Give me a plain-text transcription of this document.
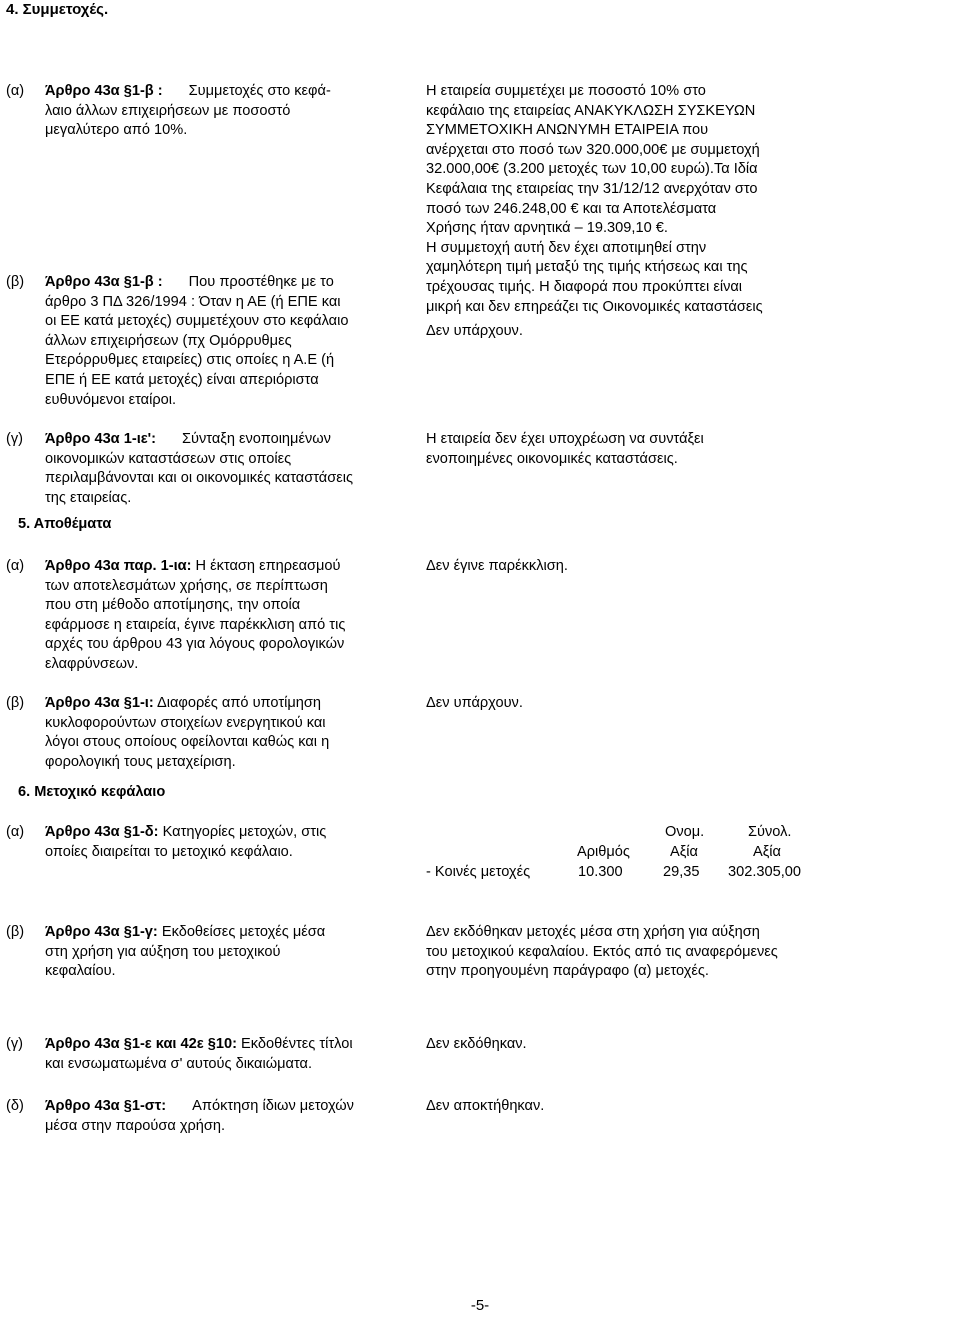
4. Συμμετοχές.
(α) Άρθρο 43α §1-β : Συμμετοχές στο κεφά-
λαιο άλλων επιχειρήσεων με ποσοστό
μεγαλύτερο από 10%.
Η εταιρεία συμμετέχει με ποσοστό 10% στο
κεφάλαιο της εταιρείας ΑΝΑΚΥΚΛΩΣΗ ΣΥΣΚΕΥΩΝ
ΣΥΜΜΕΤΟΧΙΚΗ ΑΝΩΝΥΜΗ ΕΤΑΙΡΕΙΑ που
ανέρχεται στο ποσό των 320.000,00€ με συμμετοχή
32.000,00€ (3.200 μετοχές των 10,00 ευρώ).Τα Ιδία
Κεφάλαια της εταιρείας την 31/12/12 ανερχόταν στο
ποσό των 246.248,00 € και τα Αποτελέσματα
Χρήσης ήταν αρνητικά – 19.309,10 €.
Η συμμετοχή αυτή δεν έχει αποτιμηθεί στην
χαμηλότερη τιμή μεταξύ της τιμής κτήσεως και της
τρέχουσας τιμής. Η διαφορά που προκύπτει είναι
μικρή και δεν επηρεάζει τις Οικονομικές καταστάσεις
(β) Άρθρο 43α §1-β : Που προστέθηκε με το
άρθρο 3 ΠΔ 326/1994 : Όταν η ΑΕ (ή ΕΠΕ και
οι ΕΕ κατά μετοχές) συμμετέχουν στο κεφάλαιο
άλλων επιχειρήσεων (πχ Ομόρρυθμες
Ετερόρρυθμες εταιρείες) στις οποίες η Α.Ε (ή
ΕΠΕ ή ΕΕ κατά μετοχές) είναι απεριόριστα
ευθυνόμενοι εταίροι.
Δεν υπάρχουν.
(γ) Άρθρο 43α 1-ιε': Σύνταξη ενοποιημένων
οικονομικών καταστάσεων στις οποίες
περιλαμβάνονται και οι οικονομικές καταστάσεις
της εταιρείας.
Η εταιρεία δεν έχει υποχρέωση να συντάξει
ενοποιημένες οικονομικές καταστάσεις.
5. Αποθέματα
(α) Άρθρο 43α παρ. 1-ια: Η έκταση επηρεασμού
των αποτελεσμάτων χρήσης, σε περίπτωση
που στη μέθοδο αποτίμησης, την οποία
εφάρμοσε η εταιρεία, έγινε παρέκκλιση από τις
αρχές του άρθρου 43 για λόγους φορολογικών
ελαφρύνσεων.
Δεν έγινε παρέκκλιση.
(β) Άρθρο 43α §1-ι: Διαφορές από υποτίμηση
κυκλοφορούντων στοιχείων ενεργητικού και
λόγοι στους οποίους οφείλονται καθώς και η
φορολογική τους μεταχείριση.
Δεν υπάρχουν.
6. Μετοχικό κεφάλαιο
(α) Άρθρο 43α §1-δ: Κατηγορίες μετοχών, στις
οποίες διαιρείται το μετοχικό κεφάλαιο.
Ονομ.	Σύνολ.
Αριθμός	Αξία	Αξία
- Κοινές μετοχές	10.300	29,35 302.305,00
(β) Άρθρο 43α §1-γ: Εκδοθείσες μετοχές μέσα
στη χρήση για αύξηση του μετοχικού
κεφαλαίου.
Δεν εκδόθηκαν μετοχές μέσα στη χρήση για αύξηση
του μετοχικού κεφαλαίου. Εκτός από τις αναφερόμενες
στην προηγουμένη παράγραφο (α) μετοχές.
(γ) Άρθρο 43α §1-ε και 42ε §10: Εκδοθέντες τίτλοι
και ενσωματωμένα σ' αυτούς δικαιώματα.
Δεν εκδόθηκαν.
(δ) Άρθρο 43α §1-στ: Απόκτηση ίδιων μετοχών
μέσα στην παρούσα χρήση.
Δεν αποκτήθηκαν.
-5-
